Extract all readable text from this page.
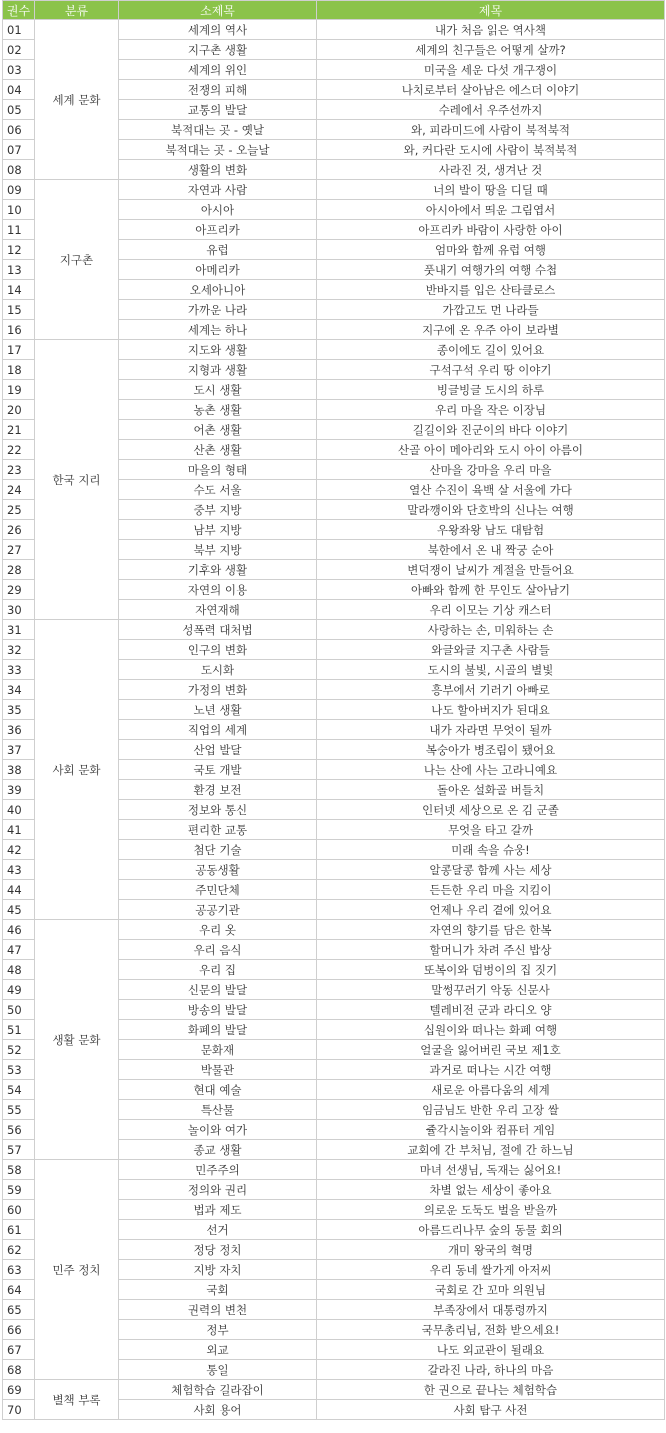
권수	분류	소제목	제목
01	세계 문화	세계의 역사	내가 처음 읽은 역사책
02		지구촌 생활	세계의 친구들은 어떻게 살까?
03		세계의 위인	미국을 세운 다섯 개구쟁이
04		전쟁의 피해	나치로부터 살아남은 에스더 이야기
05		교통의 발달	수레에서 우주선까지
06		북적대는 곳 - 옛날	와, 피라미드에 사람이 북적북적
07		북적대는 곳 - 오늘날	와, 커다란 도시에 사람이 북적북적
08		생활의 변화	사라진 것, 생겨난 것
09	지구촌	자연과 사람	너의 발이 땅을 디딜 때
10		아시아	아시아에서 띄운 그림엽서
11		아프리카	아프리카 바람이 사랑한 아이
12		유럽	엄마와 함께 유럽 여행
13		아메리카	풋내기 여행가의 여행 수첩
14		오세아니아	반바지를 입은 산타클로스
15		가까운 나라	가깝고도 먼 나라들
16		세계는 하나	지구에 온 우주 아이 보라별
17	한국 지리	지도와 생활	종이에도 길이 있어요
18		지형과 생활	구석구석 우리 땅 이야기
19		도시 생활	빙글빙글 도시의 하루
20		농촌 생활	우리 마을 작은 이장님
21		어촌 생활	길길이와 진군이의 바다 이야기
22		산촌 생활	산골 아이 메아리와 도시 아이 아름이
23		마을의 형태	산마을 강마을 우리 마을
24		수도 서울	열산 수진이 육백 살 서울에 가다
25		중부 지방	말라깽이와 단호박의 신나는 여행
26		남부 지방	우왕좌왕 남도 대탐험
27		북부 지방	북한에서 온 내 짝궁 순아
28		기후와 생활	변덕쟁이 날씨가 계절을 만들어요
29		자연의 이용	아빠와 함께 한 무인도 살아남기
30		자연재해	우리 이모는 기상 캐스터
31	사회 문화	성폭력 대처법	사랑하는 손, 미워하는 손
32		인구의 변화	와글와글 지구촌 사람들
33		도시화	도시의 불빛, 시골의 별빛
34		가정의 변화	흥부에서 기러기 아빠로
35		노년 생활	나도 할아버지가 된대요
36		직업의 세계	내가 자라면 무엇이 될까
37		산업 발달	복숭아가 병조림이 됐어요
38		국토 개발	나는 산에 사는 고라니예요
39		환경 보전	돌아온 설화골 버들치
40		정보와 통신	인터넷 세상으로 온 김 군졸
41		편리한 교통	무엇을 타고 갈까
42		첨단 기술	미래 속을 슈웅!
43		공동생활	알콩달콩 함께 사는 세상
44		주민단체	든든한 우리 마을 지킴이
45		공공기관	언제나 우리 곁에 있어요
46	생활 문화	우리 옷	자연의 향기를 담은 한복
47		우리 음식	할머니가 차려 주신 밥상
48		우리 집	또복이와 덤벙이의 집 짓기
49		신문의 발달	말썽꾸러기 악동 신문사
50		방송의 발달	텔레비전 군과 라디오 양
51		화폐의 발달	십원이와 떠나는 화폐 여행
52		문화재	얼굴을 잃어버린 국보 제1호
53		박물관	과거로 떠나는 시간 여행
54		현대 예술	새로운 아름다움의 세계
55		특산물	임금님도 반한 우리 고장 쌀
56		놀이와 여가	쥴각시놀이와 컴퓨터 게임
57		종교 생활	교회에 간 부처님, 절에 간 하느님
58	민주 정치	민주주의	마녀 선생님, 독재는 싫어요!
59		정의와 권리	차별 없는 세상이 좋아요
60		법과 제도	의로운 도둑도 벌을 받을까
61		선거	아름드리나무 숲의 동물 회의
62		정당 정치	개미 왕국의 혁명
63		지방 자치	우리 동네 쌀가게 아저씨
64		국회	국회로 간 꼬마 의원님
65		권력의 변천	부족장에서 대통령까지
66		정부	국무총리님, 전화 받으세요!
67		외교	나도 외교관이 될래요
68		통일	갈라진 나라, 하나의 마음
69	별책 부록	체험학습 길라잡이	한 권으로 끝나는 체험학습
70		사회 용어	사회 탐구 사전
